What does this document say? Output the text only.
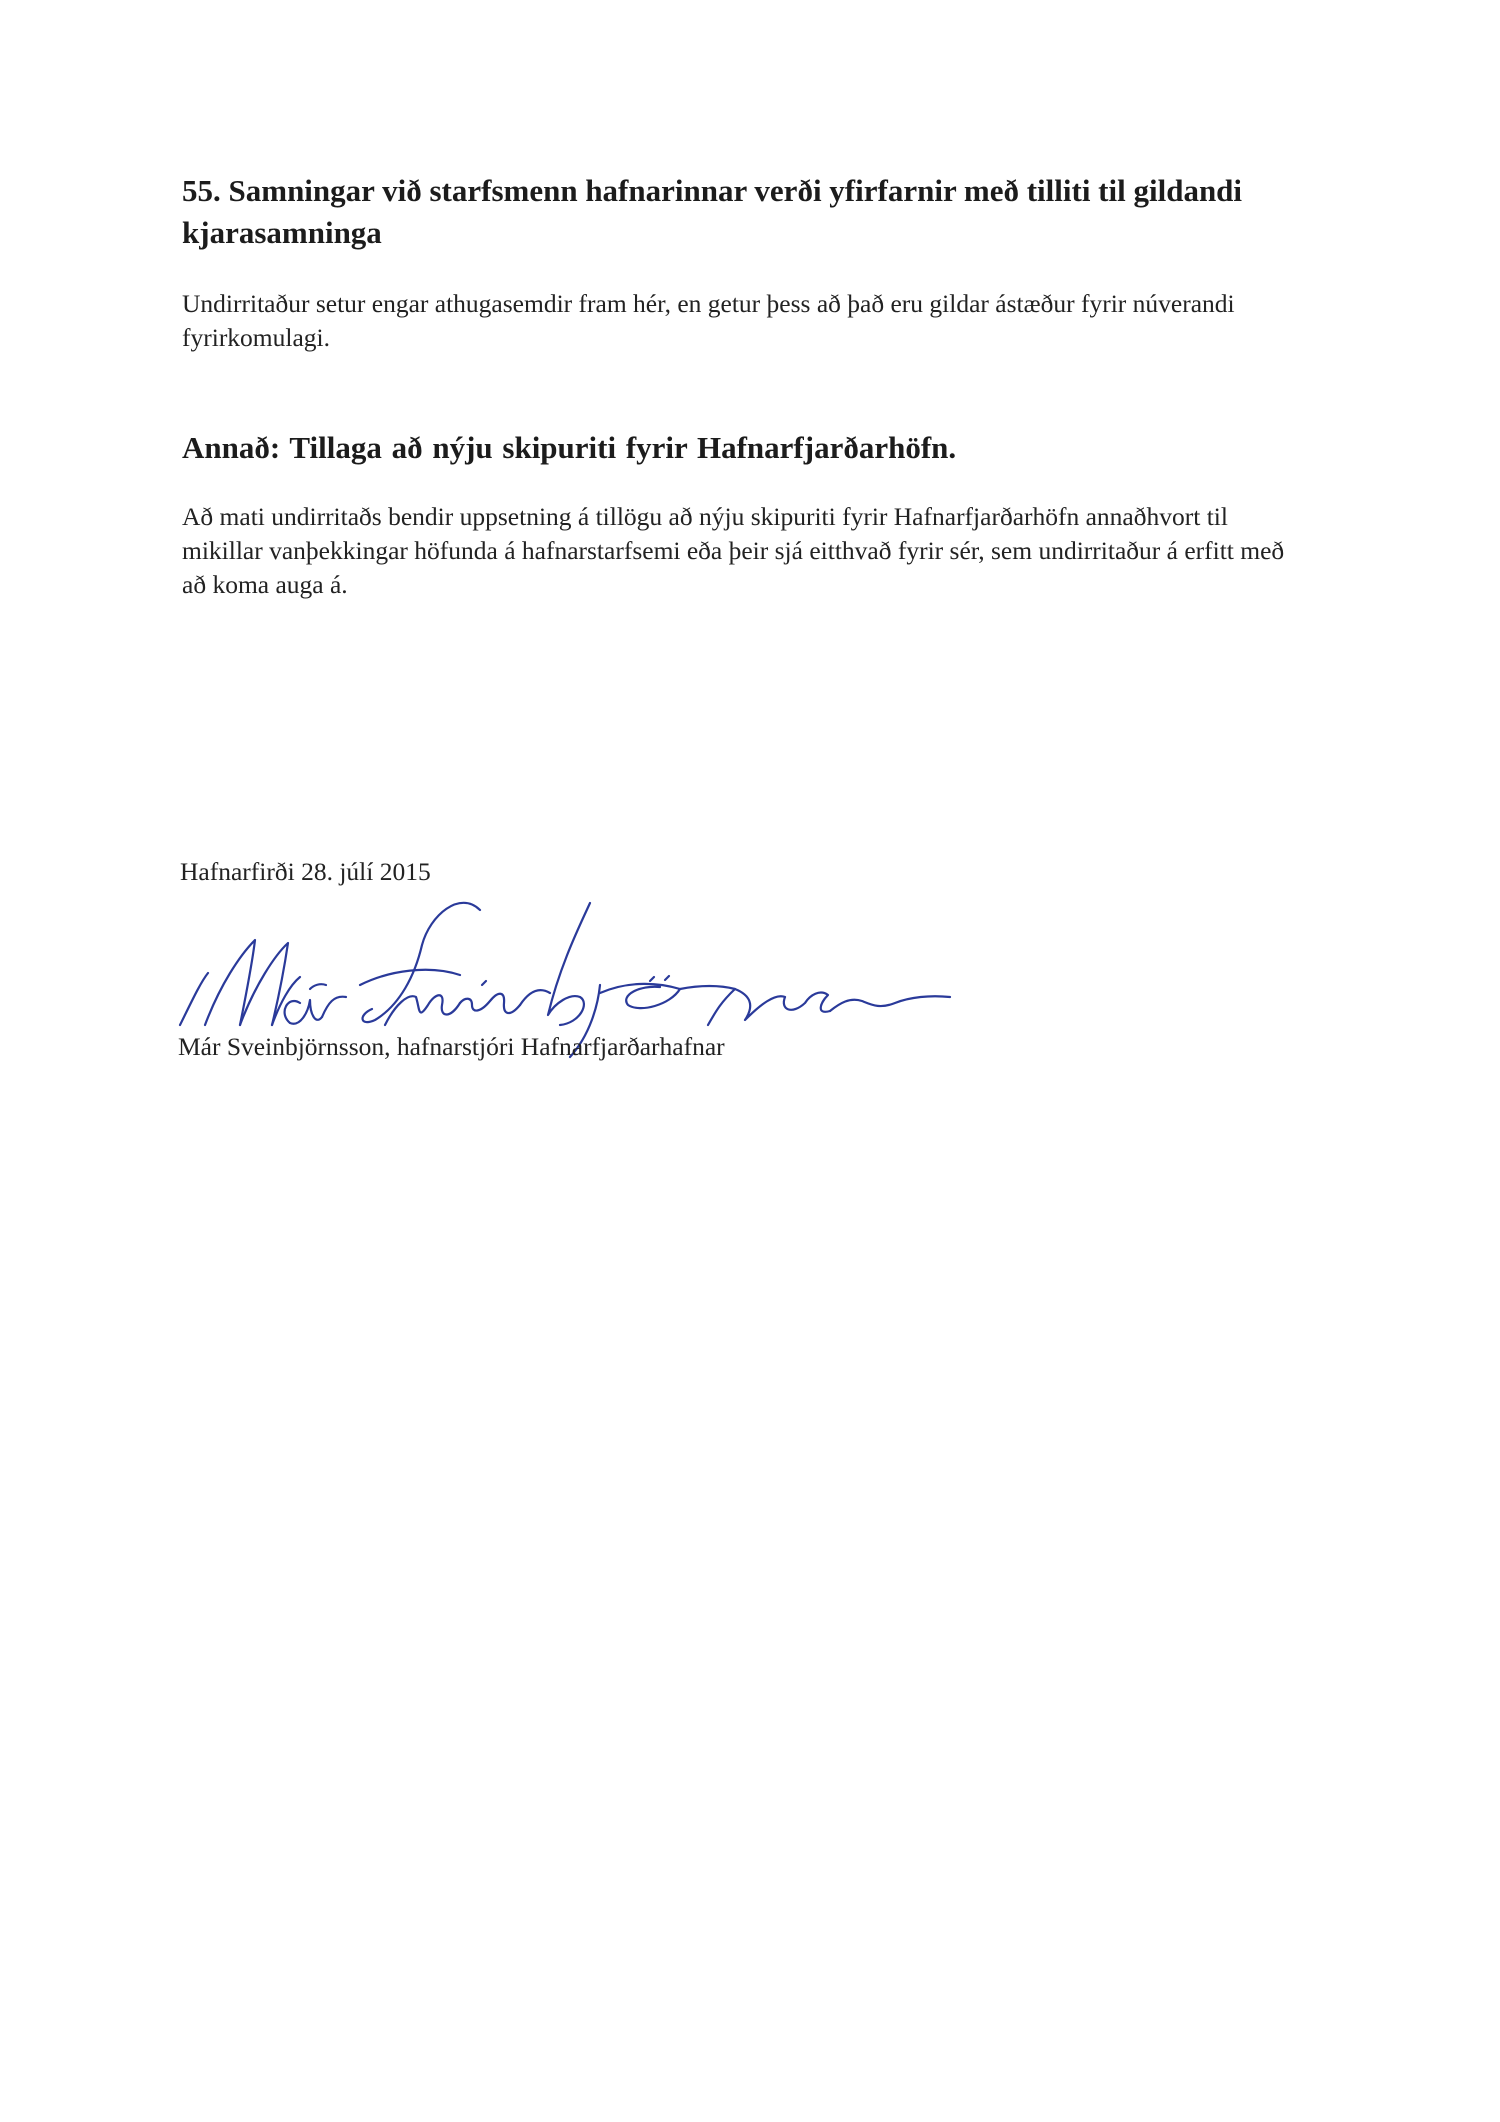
55. Samningar við starfsmenn hafnarinnar verði yfirfarnir með tilliti til gildandi kjarasamninga

Undirritaður setur engar athugasemdir fram hér, en getur þess að það eru gildar ástæður fyrir núverandi fyrirkomulagi.

Annað: Tillaga að nýju skipuriti fyrir Hafnarfjarðarhöfn.

Að mati undirritaðs bendir uppsetning á tillögu að nýju skipuriti fyrir Hafnarfjarðarhöfn annaðhvort til mikillar vanþekkingar höfunda á hafnarstarfsemi eða þeir sjá eitthvað fyrir sér, sem undirritaður á erfitt með að koma auga á.

Hafnarfirði 28. júlí 2015

Már Sveinbjörnsson, hafnarstjóri Hafnarfjarðarhafnar
